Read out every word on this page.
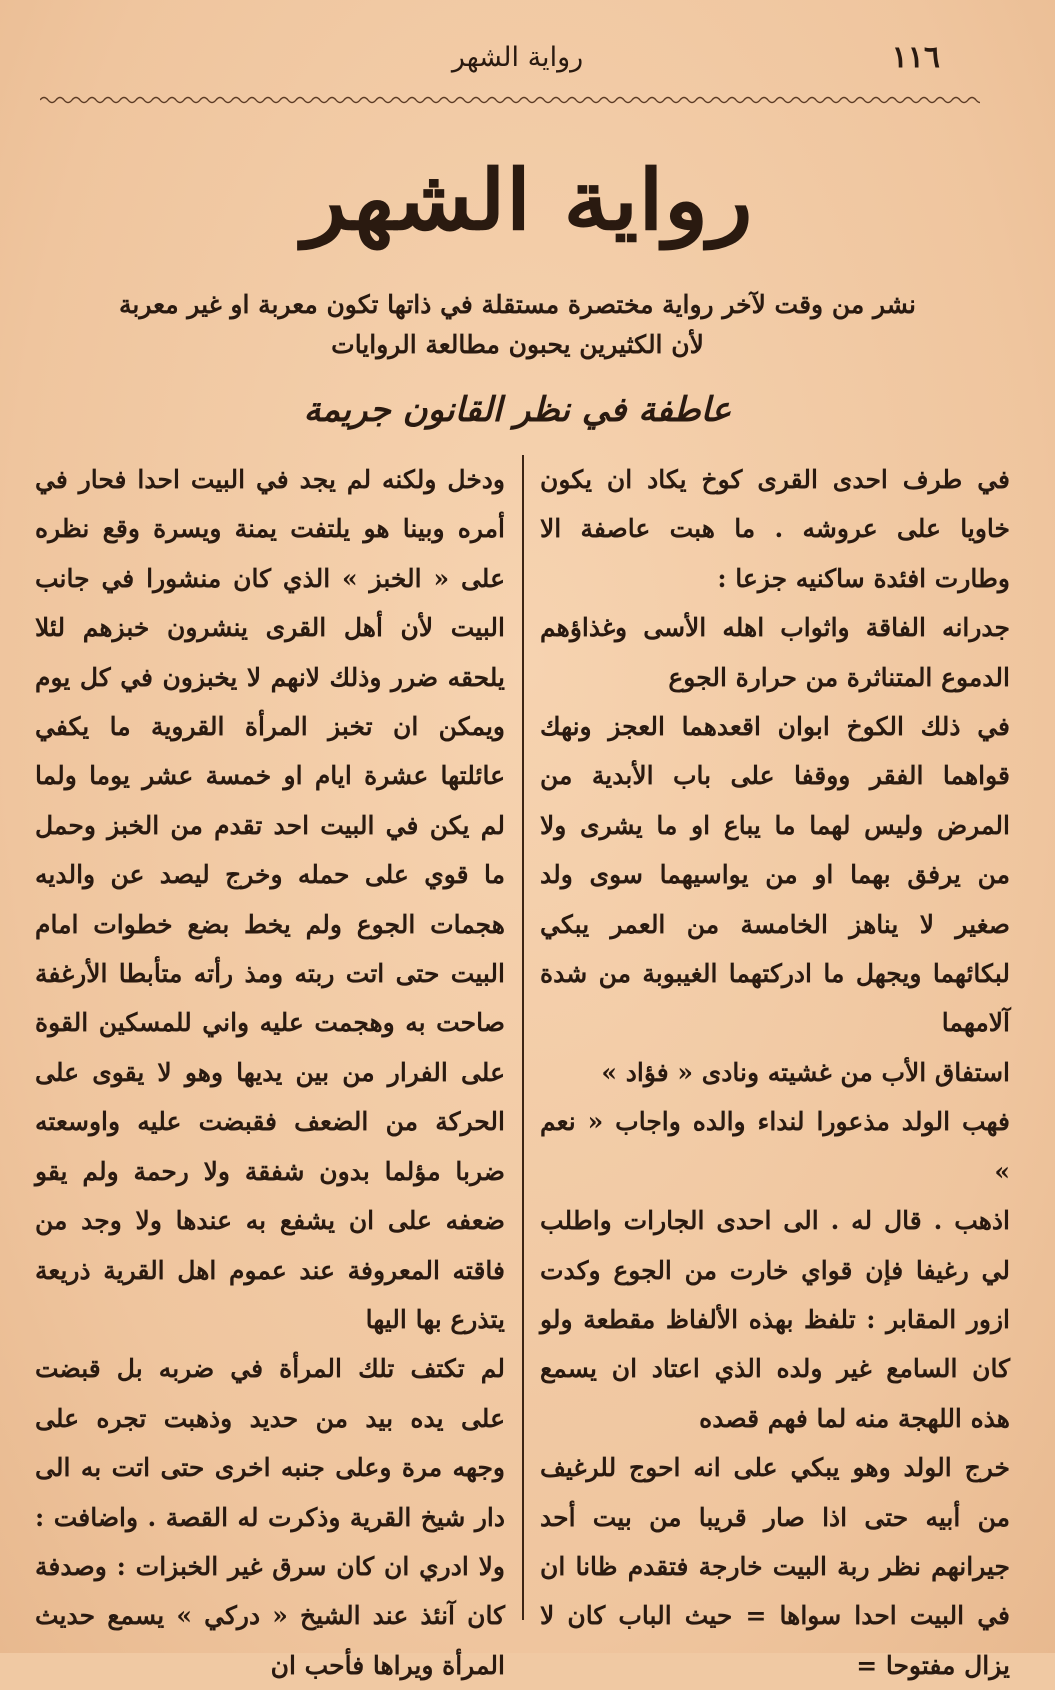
١١٦
رواية الشهر
رواية الشهر
نشر من وقت لآخر رواية مختصرة مستقلة في ذاتها تكون معربة او غير معربة
لأن الكثيرين يحبون مطالعة الروايات
عاطفة في نظر القانون جريمة

في طرف احدى القرى كوخ يكاد ان يكون خاويا على عروشه . ما هبت عاصفة الا وطارت افئدة ساكنيه جزعا :

جدرانه الفاقة واثواب اهله الأسى وغذاؤهم الدموع المتناثرة من حرارة الجوع

في ذلك الكوخ ابوان اقعدهما العجز ونهك قواهما الفقر ووقفا على باب الأبدية من المرض وليس لهما ما يباع او ما يشرى ولا من يرفق بهما او من يواسيهما سوى ولد صغير لا يناهز الخامسة من العمر يبكي لبكائهما ويجهل ما ادركتهما الغيبوبة من شدة آلامهما

استفاق الأب من غشيته ونادى « فؤاد »

فهب الولد مذعورا لنداء والده واجاب « نعم »

اذهب . قال له . الى احدى الجارات واطلب لي رغيفا فإن قواي خارت من الجوع وكدت ازور المقابر : تلفظ بهذه الألفاظ مقطعة ولو كان السامع غير ولده الذي اعتاد ان يسمع هذه اللهجة منه لما فهم قصده

خرج الولد وهو يبكي على انه احوج للرغيف من أبيه حتى اذا صار قريبا من بيت أحد جيرانهم نظر ربة البيت خارجة فتقدم ظانا ان في البيت احدا سواها = حيث الباب كان لا يزال مفتوحا =

ودخل ولكنه لم يجد في البيت احدا فحار في أمره وبينا هو يلتفت يمنة ويسرة وقع نظره على « الخبز » الذي كان منشورا في جانب البيت لأن أهل القرى ينشرون خبزهم لئلا يلحقه ضرر وذلك لانهم لا يخبزون في كل يوم ويمكن ان تخبز المرأة القروية ما يكفي عائلتها عشرة ايام او خمسة عشر يوما ولما لم يكن في البيت احد تقدم من الخبز وحمل ما قوي على حمله وخرج ليصد عن والديه هجمات الجوع ولم يخط بضع خطوات امام البيت حتى اتت ربته ومذ رأته متأبطا الأرغفة صاحت به وهجمت عليه واني للمسكين القوة على الفرار من بين يديها وهو لا يقوى على الحركة من الضعف فقبضت عليه واوسعته ضربا مؤلما بدون شفقة ولا رحمة ولم يقو ضعفه على ان يشفع به عندها ولا وجد من فاقته المعروفة عند عموم اهل القرية ذريعة يتذرع بها اليها

لم تكتف تلك المرأة في ضربه بل قبضت على يده بيد من حديد وذهبت تجره على وجهه مرة وعلى جنبه اخرى حتى اتت به الى دار شيخ القرية وذكرت له القصة . واضافت : ولا ادري ان كان سرق غير الخبزات : وصدفة كان آنئذ عند الشيخ « دركي » يسمع حديث المرأة ويراها فأحب ان
